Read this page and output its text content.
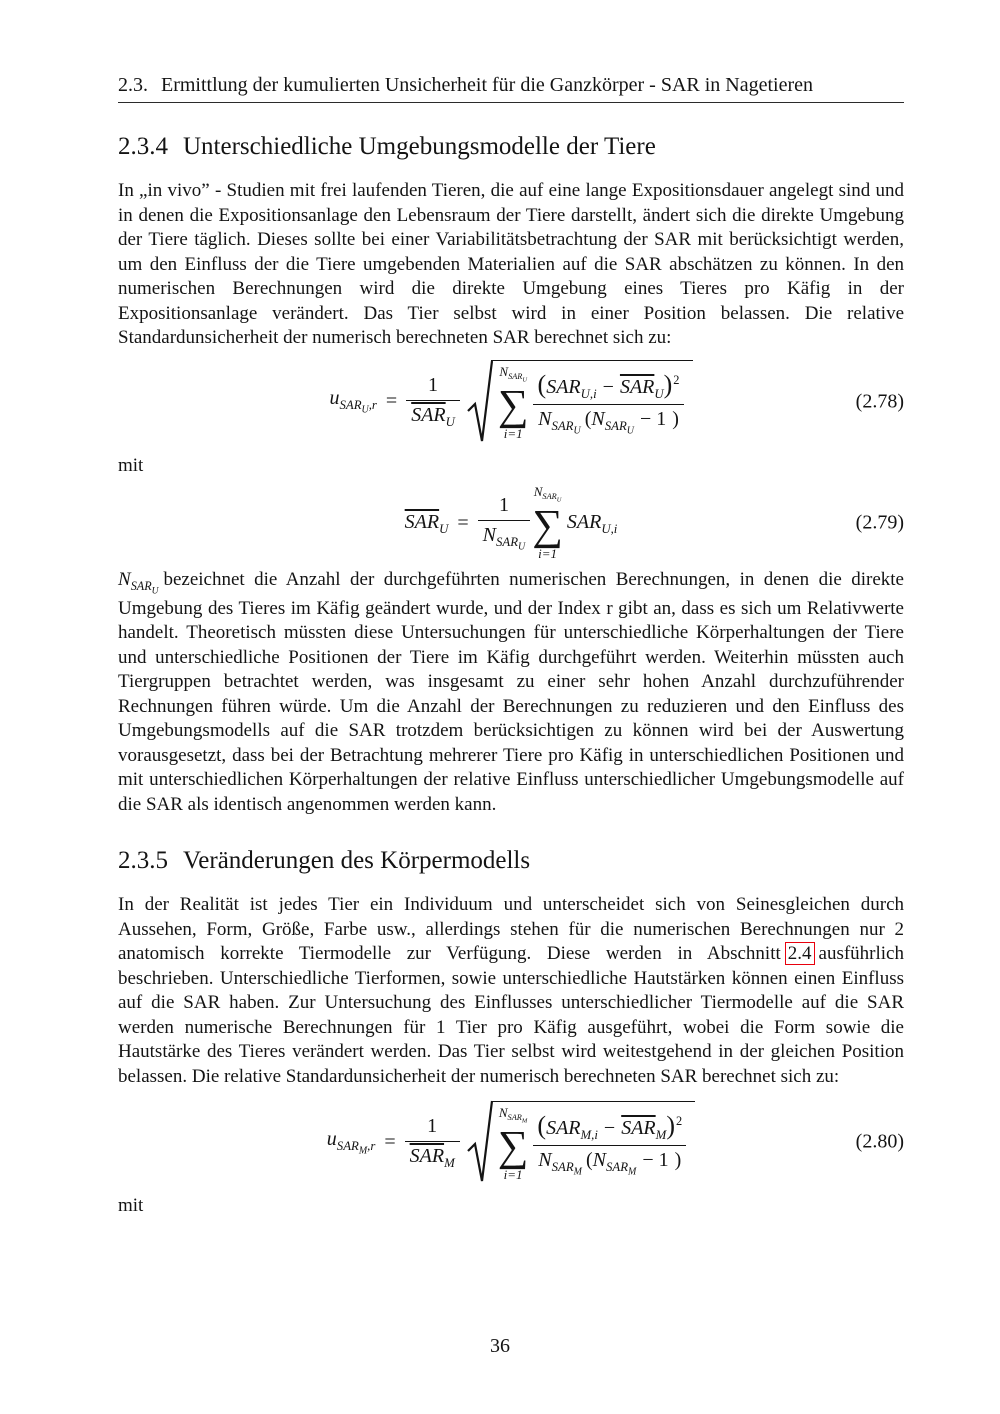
2.3. Ermittlung der kumulierten Unsicherheit für die Ganzkörper - SAR in Nagetieren
2.3.4 Unterschiedliche Umgebungsmodelle der Tiere

In „in vivo” - Studien mit frei laufenden Tieren, die auf eine lange Expositionsdauer angelegt sind und in denen die Expositionsanlage den Lebensraum der Tiere darstellt, ändert sich die direkte Umgebung der Tiere täglich. Dieses sollte bei einer Variabilitätsbetrachtung der SAR mit berücksichtigt werden, um den Einfluss der die Tiere umgebenden Materialien auf die SAR abschätzen zu können. In den numerischen Berechnungen wird die direkte Umgebung eines Tieres pro Käfig in der Expositionsanlage verändert. Das Tier selbst wird in einer Position belassen. Die relative Standardunsicherheit der numerisch berechneten SAR berechnet sich zu:

$u_{SAR_U,r} = \frac{1}{\overline{SAR}_U}$
$N_{SAR_U}$
∑
$i=1 \frac{(SAR_{U,i} - \overline{SAR}_U)^2}{N_{SAR_U} (N_{SAR_U}- 1 )}$	(2.78)

mit

$\overline{SAR}_U = \frac{1}{N_{SAR_U}}$
$N_{SAR_U}$
∑
i=1
$SAR_{U,i}$	(2.79)

$N_{SAR_U}bezeichnet$ die Anzahl der durchgeführten numerischen Berechnungen, in denen die direkte Umgebung des Tieres im Käfig geändert wurde, und der Index r gibt an, dass es sich um Relativwerte handelt. Theoretisch müssten diese Untersuchungen für unterschiedliche Körperhaltungen der Tiere und unterschiedliche Positionen der Tiere im Käfig durchgeführt werden. Weiterhin müssten auch Tiergruppen betrachtet werden, was insgesamt zu einer sehr hohen Anzahl durchzuführender Rechnungen führen würde. Um die Anzahl der Berechnungen zu reduzieren und den Einfluss des Umgebungsmodells auf die SAR trotzdem berücksichtigen zu können wird bei der Auswertung vorausgesetzt, dass bei der Betrachtung mehrerer Tiere pro Käfig in unterschiedlichen Positionen und mit unterschiedlichen Körperhaltungen der relative Einfluss unterschiedlicher Umgebungsmodelle auf die SAR als identisch angenommen werden kann.

2.3.5 Veränderungen des Körpermodells

In der Realität ist jedes Tier ein Individuum und unterscheidet sich von Seinesgleichen durch Aussehen, Form, Größe, Farbe usw., allerdings stehen für die numerischen Berechnungen nur 2 anatomisch korrekte Tiermodelle zur Verfügung. Diese werden in Abschnitt 2.4 ausführlich beschrieben. Unterschiedliche Tierformen, sowie unterschiedliche Hautstärken können einen Einfluss auf die SAR haben. Zur Untersuchung des Einflusses unterschiedlicher Tiermodelle auf die SAR werden numerische Berechnungen für 1 Tier pro Käfig ausgeführt, wobei die Form sowie die Hautstärke des Tieres verändert werden. Das Tier selbst wird weitestgehend in der gleichen Position belassen. Die relative Standardunsicherheit der numerisch berechneten SAR berechnet sich zu:

$u_{SAR_M,r} = \frac{1}{\overline{SAR}_M}$
$N_{SAR_M}$
∑
$i=1 \frac{(SAR_{M,i} - \overline{SAR}_M)^2}{N_{SAR_M} (N_{SAR_M}- 1 )}$	(2.80)

mit

36
